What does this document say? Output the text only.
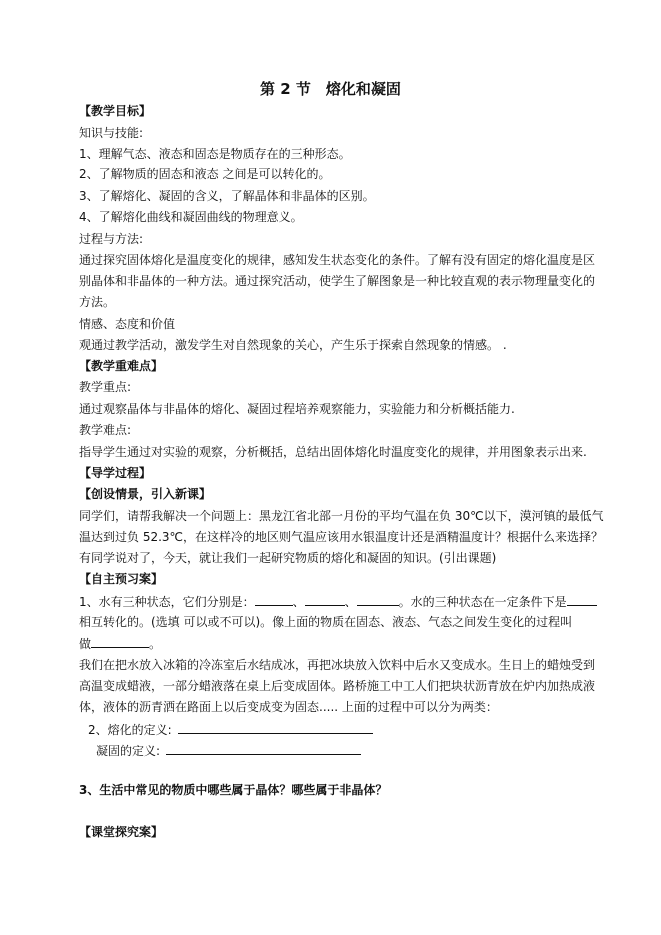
第 2 节　熔化和凝固
【教学目标】
知识与技能:
1、理解气态、液态和固态是物质存在的三种形态。
2、了解物质的固态和液态 之间是可以转化的。
3、了解熔化、凝固的含义，了解晶体和非晶体的区别。
4、了解熔化曲线和凝固曲线的物理意义。
过程与方法:
通过探究固体熔化是温度变化的规律，感知发生状态变化的条件。了解有没有固定的熔化温度是区
别晶体和非晶体的一种方法。通过探究活动，使学生了解图象是一种比较直观的表示物理量变化的
方法。
情感、态度和价值
观通过教学活动，激发学生对自然现象的关心，产生乐于探索自然现象的情感。 .
【教学重难点】
教学重点:
通过观察晶体与非晶体的熔化、凝固过程培养观察能力，实验能力和分析概括能力.
教学难点:
指导学生通过对实验的观察，分析概括，总结出固体熔化时温度变化的规律，并用图象表示出来.
【导学过程】
【创设情景，引入新课】
同学们，请帮我解决一个问题上：黑龙江省北部一月份的平均气温在负 30℃以下，漠河镇的最低气
温达到过负 52.3℃，在这样冷的地区则气温应该用水银温度计还是酒精温度计？根据什么来选择？
有同学说对了，今天，就让我们一起研究物质的熔化和凝固的知识。(引出课题)
【自主预习案】
1、水有三种状态，它们分别是：	、	、	。水的三种状态在一定条件下是
相互转化的。(选填 可以或不可以)。像上面的物质在固态、液态、气态之间发生变化的过程叫
做	。
我们在把水放入冰箱的冷冻室后水结成冰，再把冰块放入饮料中后水又变成水。生日上的蜡烛受到
高温变成蜡液，一部分蜡液落在桌上后变成固体。路桥施工中工人们把块状沥青放在炉内加热成液
体，液体的沥青洒在路面上以后变成变为固态..... 上面的过程中可以分为两类：
2、熔化的定义:
凝固的定义:
3、生活中常见的物质中哪些属于晶体？哪些属于非晶体？
【课堂探究案】
